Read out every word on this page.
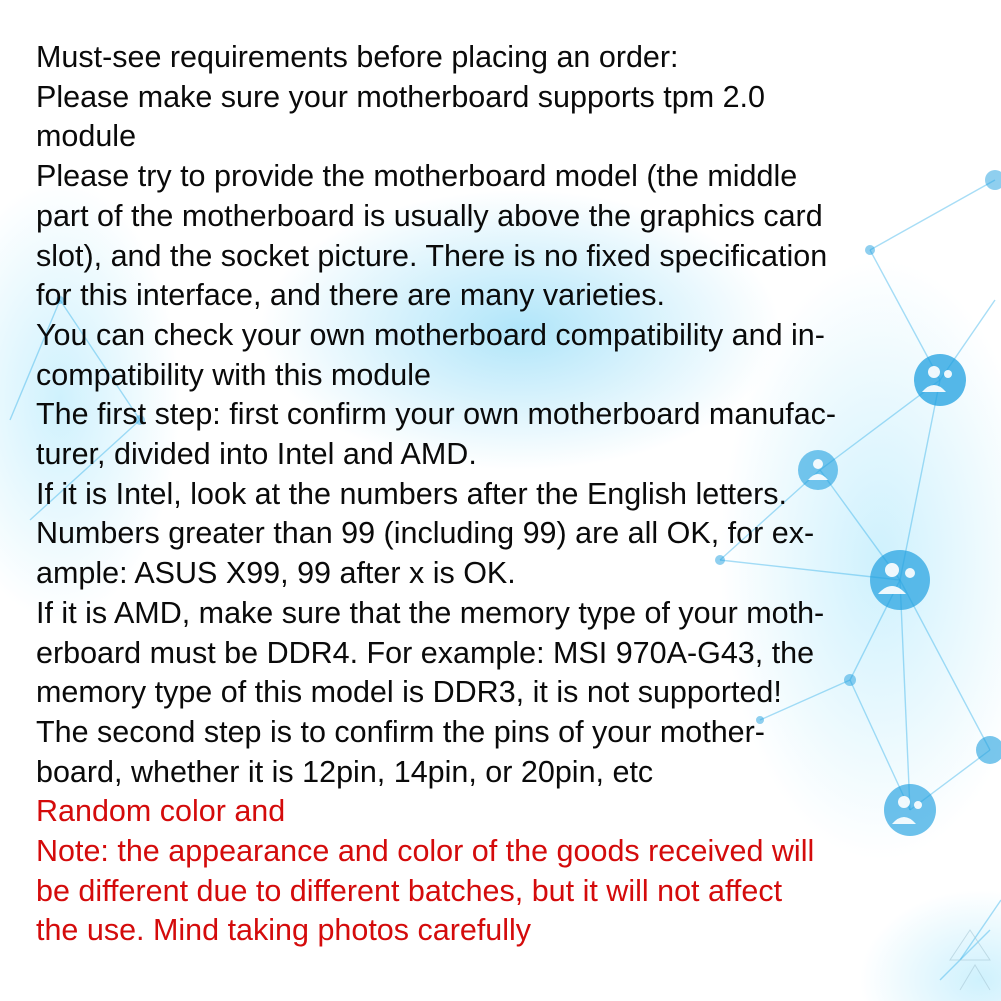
Must-see requirements before placing an order:
Please make sure your motherboard supports tpm 2.0
module
Please try to provide the motherboard model (the middle
part of the motherboard is usually above the graphics card
slot), and the socket picture. There is no fixed specification
for this interface, and there are many varieties.
You can check your own motherboard compatibility and in-
compatibility with this module
The first step: first confirm your own motherboard manufac-
turer, divided into Intel and AMD.
If it is Intel, look at the numbers after the English letters.
Numbers greater than 99 (including 99) are all OK, for ex-
ample: ASUS X99, 99 after x is OK.
If it is AMD, make sure that the memory type of your moth-
erboard must be DDR4. For example: MSI 970A-G43, the
memory type of this model is DDR3, it is not supported!
The second step is to confirm the pins of your mother-
board, whether it is 12pin, 14pin, or 20pin, etc
Random color and
Note: the appearance and color of the goods received will
be different due to different batches, but it will not affect
the use. Mind taking photos carefully
